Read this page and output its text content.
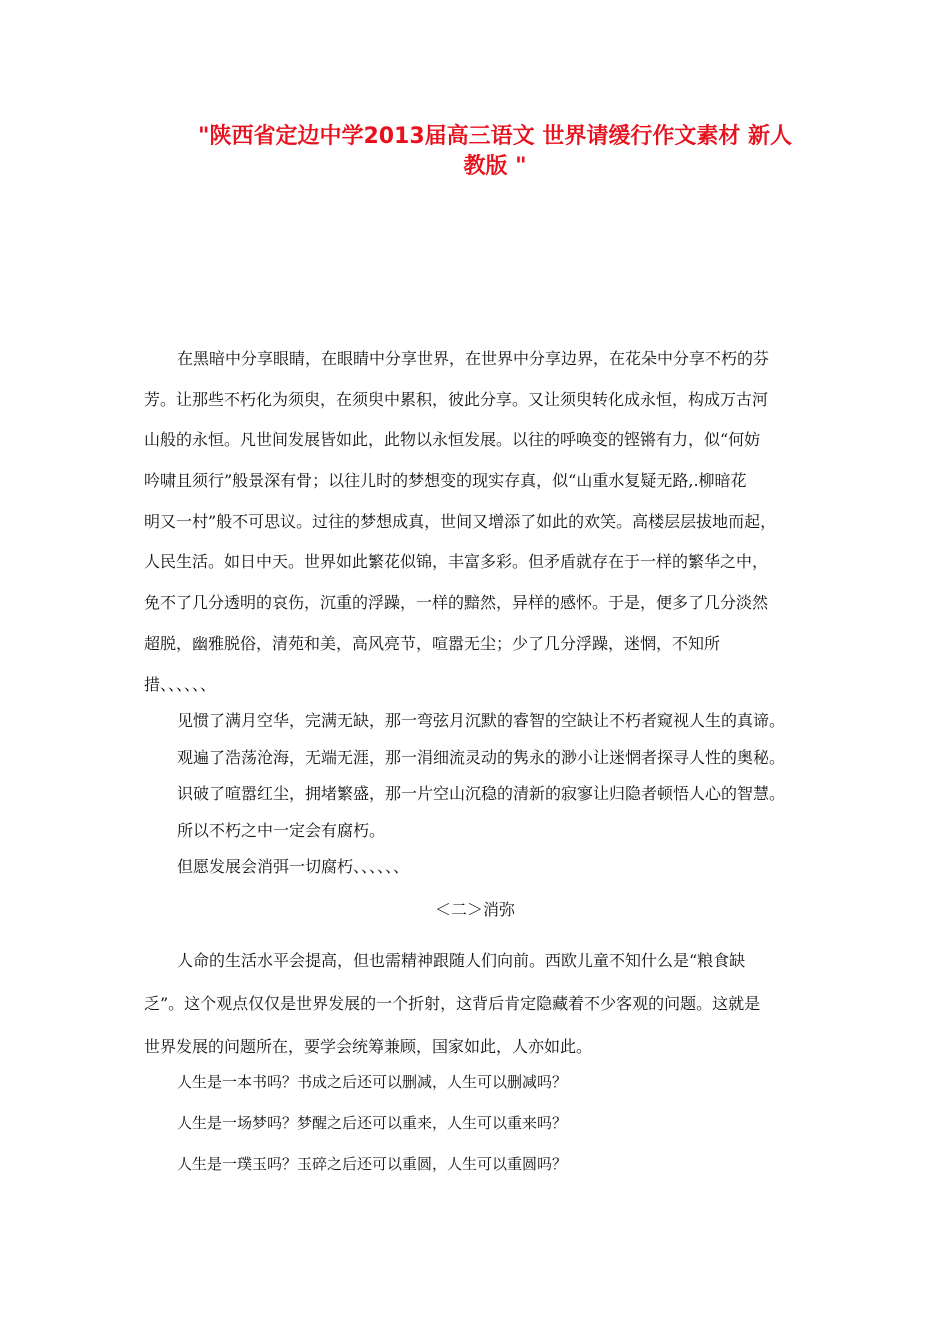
"陕西省定边中学2013届高三语文 世界请缓行作文素材 新人
教版 "
在黑暗中分享眼睛，在眼睛中分享世界，在世界中分享边界，在花朵中分享不朽的芬
芳。让那些不朽化为须臾，在须臾中累积，彼此分享。又让须臾转化成永恒，构成万古河
山般的永恒。凡世间发展皆如此，此物以永恒发展。以往的呼唤变的铿锵有力，似“何妨
吟啸且须行”般景深有骨；以往儿时的梦想变的现实存真，似“山重水复疑无路,.柳暗花
明又一村”般不可思议。过往的梦想成真，世间又增添了如此的欢笑。高楼层层拔地而起，
人民生活。如日中天。世界如此繁花似锦，丰富多彩。但矛盾就存在于一样的繁华之中，
免不了几分透明的哀伤，沉重的浮躁，一样的黯然，异样的感怀。于是，便多了几分淡然
超脱，幽雅脱俗，清苑和美，高风亮节，喧嚣无尘；少了几分浮躁，迷惘，不知所
措、、、、、、
见惯了满月空华，完满无缺，那一弯弦月沉默的睿智的空缺让不朽者窥视人生的真谛。
观遍了浩荡沧海，无端无涯，那一涓细流灵动的隽永的渺小让迷惘者探寻人性的奥秘。
识破了喧嚣红尘，拥堵繁盛，那一片空山沉稳的清新的寂寥让归隐者顿悟人心的智慧。
所以不朽之中一定会有腐朽。
但愿发展会消弭一切腐朽、、、、、、
＜二＞消弥
人命的生活水平会提高，但也需精神跟随人们向前。西欧儿童不知什么是“粮食缺
乏”。这个观点仅仅是世界发展的一个折射，这背后肯定隐藏着不少客观的问题。这就是
世界发展的问题所在，要学会统筹兼顾，国家如此，人亦如此。
人生是一本书吗？书成之后还可以删减，人生可以删减吗？
人生是一场梦吗？梦醒之后还可以重来，人生可以重来吗？
人生是一璞玉吗？玉碎之后还可以重圆，人生可以重圆吗？
